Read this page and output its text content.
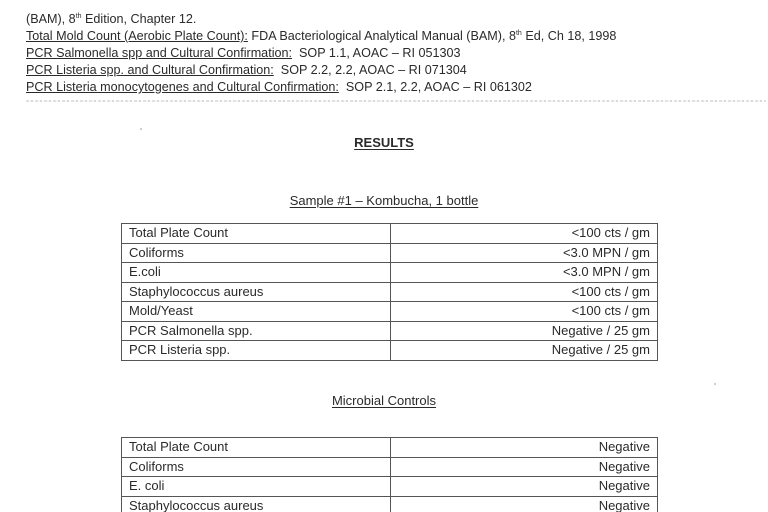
(BAM), 8th Edition, Chapter 12.
Total Mold Count (Aerobic Plate Count): FDA Bacteriological Analytical Manual (BAM), 8th Ed, Ch 18, 1998
PCR Salmonella spp and Cultural Confirmation:  SOP 1.1, AOAC – RI 051303
PCR Listeria spp. and Cultural Confirmation:  SOP 2.2, 2.2, AOAC – RI 071304
PCR Listeria monocytogenes and Cultural Confirmation:  SOP 2.1, 2.2, AOAC – RI 061302
RESULTS
Sample #1 – Kombucha, 1 bottle
Total Plate Count	<100 cts / gm
Coliforms	<3.0 MPN / gm
E.coli	<3.0 MPN / gm
Staphylococcus aureus	<100 cts / gm
Mold/Yeast	<100 cts / gm
PCR Salmonella spp.	Negative / 25 gm
PCR Listeria spp.	Negative / 25 gm
Microbial Controls
Total Plate Count	Negative
Coliforms	Negative
E. coli	Negative
Staphylococcus aureus	Negative
